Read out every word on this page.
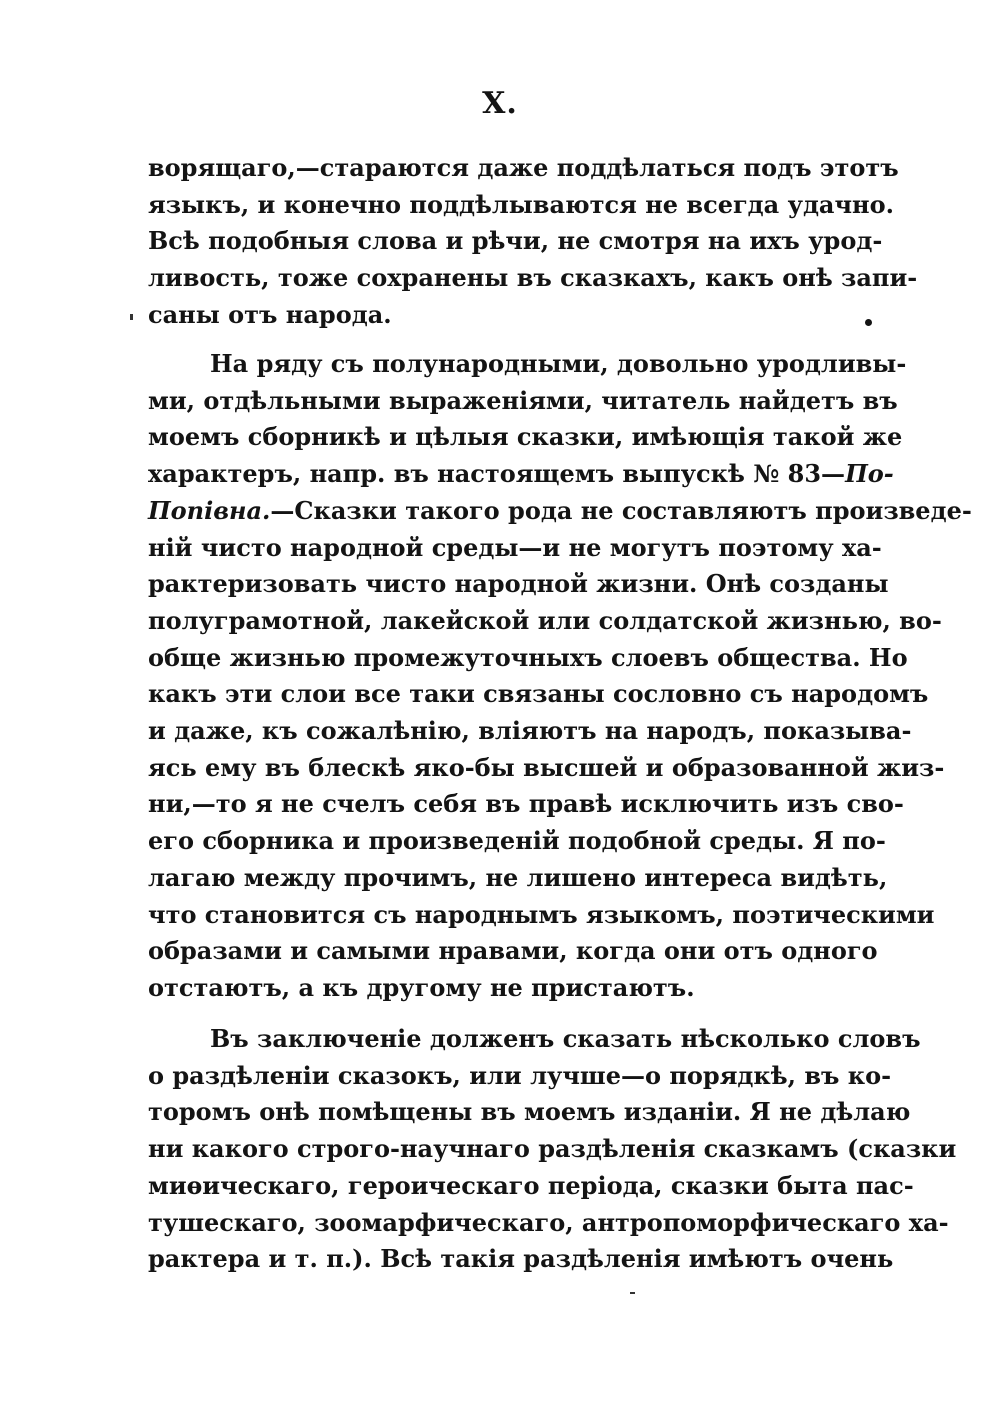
X.
ворящаго,—стараются даже поддѣлаться подъ этотъ
языкъ, и конечно поддѣлываются не всегда удачно.
Всѣ подобныя слова и рѣчи, не смотря на ихъ урод-
ливость, тоже сохранены въ сказкахъ, какъ онѣ запи-
саны отъ народа.
На ряду съ полународными, довольно уродливы-
ми, отдѣльными выраженіями, читатель найдетъ въ
моемъ сборникѣ и цѣлыя сказки, имѣющія такой же
характеръ, напр. въ настоящемъ выпускѣ № 83— По-
Попівна.—Сказки такого рода не составляютъ произведе-
ній чисто народной среды—и не могутъ поэтому ха-
рактеризовать чисто народной жизни. Онѣ созданы
полуграмотной, лакейской или солдатской жизнью, во-
обще жизнью промежуточныхъ слоевъ общества. Но
какъ эти слои все таки связаны сословно съ народомъ
и даже, къ сожалѣнію, вліяютъ на народъ, показыва-
ясь ему въ блескѣ яко-бы высшей и образованной жиз-
ни,—то я не счелъ себя въ правѣ исключить изъ сво-
его сборника и произведеній подобной среды. Я по-
лагаю между прочимъ, не лишено интереса видѣть,
что становится съ народнымъ языкомъ, поэтическими
образами и самыми нравами, когда они отъ одного
отстаютъ, а къ другому не пристаютъ.
Въ заключеніе долженъ сказать нѣсколько словъ
о раздѣленіи сказокъ, или лучше—о порядкѣ, въ ко-
торомъ онѣ помѣщены въ моемъ изданіи. Я не дѣлаю
ни какого строго-научнаго раздѣленія сказкамъ (сказки
миѳическаго, героическаго періода, сказки быта пас-
тушескаго, зоомарфическаго, антропоморфическаго ха-
рактера и т. п.). Всѣ такія раздѣленія имѣютъ очень
